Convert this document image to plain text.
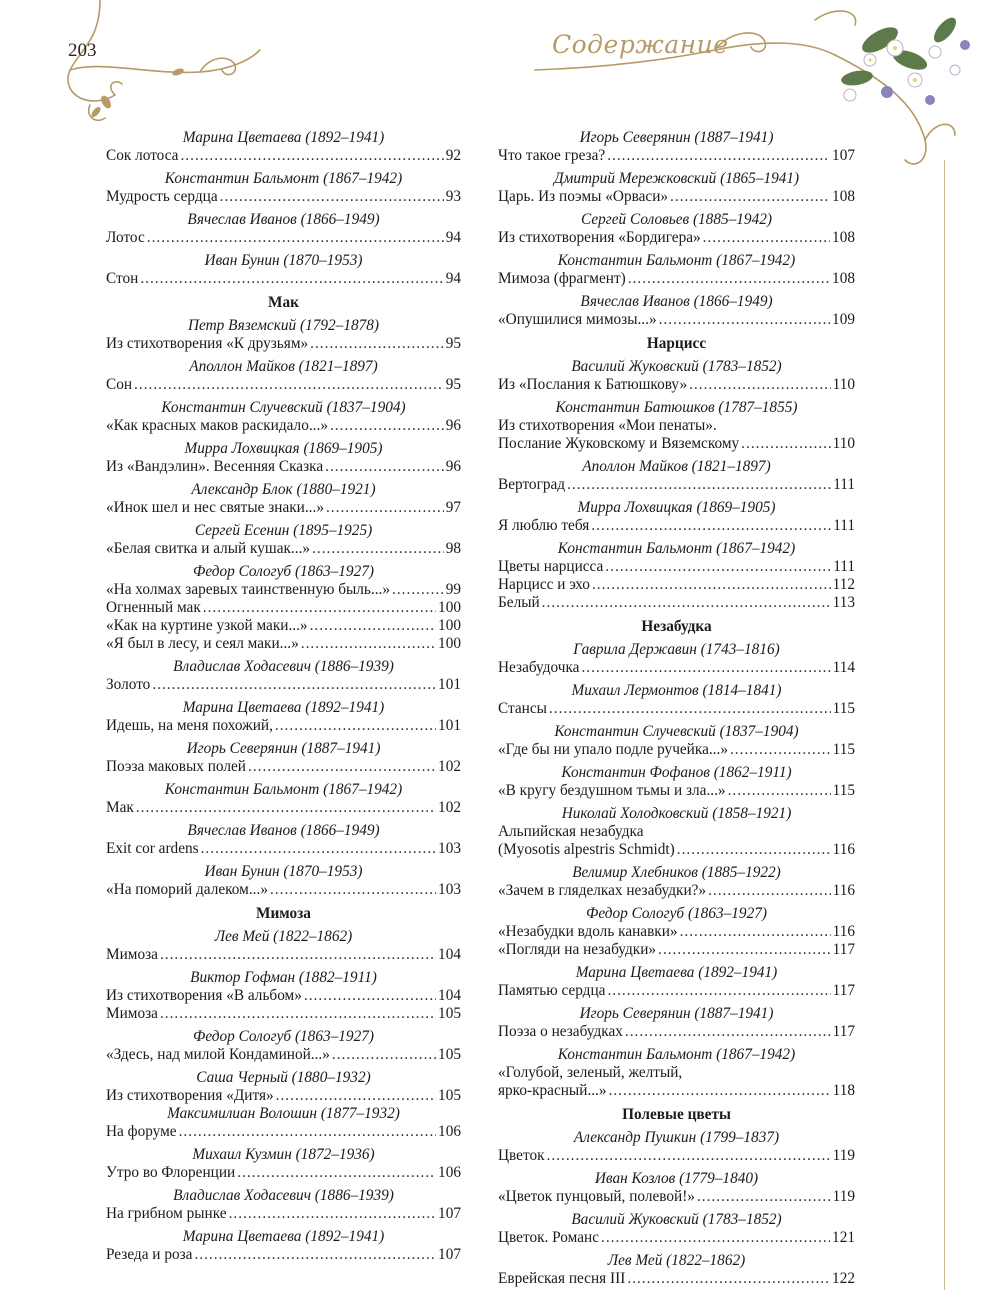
203	Содержание
Марина Цветаева (1892–1941)
Сок лотоса .....	92
Константин Бальмонт (1867–1942)
Мудрость сердца .....	93
Вячеслав Иванов (1866–1949)
Лотос .....	94
Иван Бунин (1870–1953)
Стон .....	94
Мак
Петр Вяземский (1792–1878)
Из стихотворения «К друзьям» .....	95
Аполлон Майков (1821–1897)
Сон .....	95
Константин Случевский (1837–1904)
«Как красных маков раскидало...» .....	96
Мирра Лохвицкая (1869–1905)
Из «Вандэлин». Весенняя Сказка .....	96
Александр Блок (1880–1921)
«Инок шел и нес святые знаки...» .....	97
Сергей Есенин (1895–1925)
«Белая свитка и алый кушак...» .....	98
Федор Сологуб (1863–1927)
«На холмах заревых таинственную быль...» .....	99
Огненный мак .....	100
«Как на куртине узкой маки...» .....	100
«Я был в лесу, и сеял маки...» .....	100
Владислав Ходасевич (1886–1939)
Золото .....	101
Марина Цветаева (1892–1941)
Идешь, на меня похожий, .....	101
Игорь Северянин (1887–1941)
Поэза маковых полей .....	102
Константин Бальмонт (1867–1942)
Мак .....	102
Вячеслав Иванов (1866–1949)
Exit cor ardens .....	103
Иван Бунин (1870–1953)
«На поморий далеком...» .....	103
Мимоза
Лев Мей (1822–1862)
Мимоза .....	104
Виктор Гофман (1882–1911)
Из стихотворения «В альбом» .....	104
Мимоза .....	105
Федор Сологуб (1863–1927)
«Здесь, над милой Кондаминой...» .....	105
Саша Черный (1880–1932)
Из стихотворения «Дитя» .....	105
Максимилиан Волошин (1877–1932)
На форуме .....	106
Михаил Кузмин (1872–1936)
Утро во Флоренции .....	106
Владислав Ходасевич (1886–1939)
На грибном рынке .....	107
Марина Цветаева (1892–1941)
Резеда и роза .....	107
Игорь Северянин (1887–1941)
Что такое греза? .....	107
Дмитрий Мережковский (1865–1941)
Царь. Из поэмы «Орваси» .....	108
Сергей Соловьев (1885–1942)
Из стихотворения «Бордигера» .....	108
Константин Бальмонт (1867–1942)
Мимоза (фрагмент) .....	108
Вячеслав Иванов (1866–1949)
«Опушилися мимозы...» .....	109
Нарцисс
Василий Жуковский (1783–1852)
Из «Послания к Батюшкову» .....	110
Константин Батюшков (1787–1855)
Из стихотворения «Мои пенаты».
Послание Жуковскому и Вяземскому .....	110
Аполлон Майков (1821–1897)
Вертоград .....	111
Мирра Лохвицкая (1869–1905)
Я люблю тебя .....	111
Константин Бальмонт (1867–1942)
Цветы нарцисса .....	111
Нарцисс и эхо .....	112
Белый .....	113
Незабудка
Гаврила Державин (1743–1816)
Незабудочка .....	114
Михаил Лермонтов (1814–1841)
Стансы .....	115
Константин Случевский (1837–1904)
«Где бы ни упало подле ручейка...» .....	115
Константин Фофанов (1862–1911)
«В кругу бездушном тьмы и зла...» .....	115
Николай Холодковский (1858–1921)
Альпийская незабудка
(Myosotis alpestris Schmidt) .....	116
Велимир Хлебников (1885–1922)
«Зачем в гляделках незабудки?» .....	116
Федор Сологуб (1863–1927)
«Незабудки вдоль канавки» .....	116
«Погляди на незабудки» .....	117
Марина Цветаева (1892–1941)
Памятью сердца .....	117
Игорь Северянин (1887–1941)
Поэза о незабудках .....	117
Константин Бальмонт (1867–1942)
«Голубой, зеленый, желтый,
ярко-красный...» .....	118
Полевые цветы
Александр Пушкин (1799–1837)
Цветок .....	119
Иван Козлов (1779–1840)
«Цветок пунцовый, полевой!» .....	119
Василий Жуковский (1783–1852)
Цветок. Романс .....	121
Лев Мей (1822–1862)
Еврейская песня III .....	122
